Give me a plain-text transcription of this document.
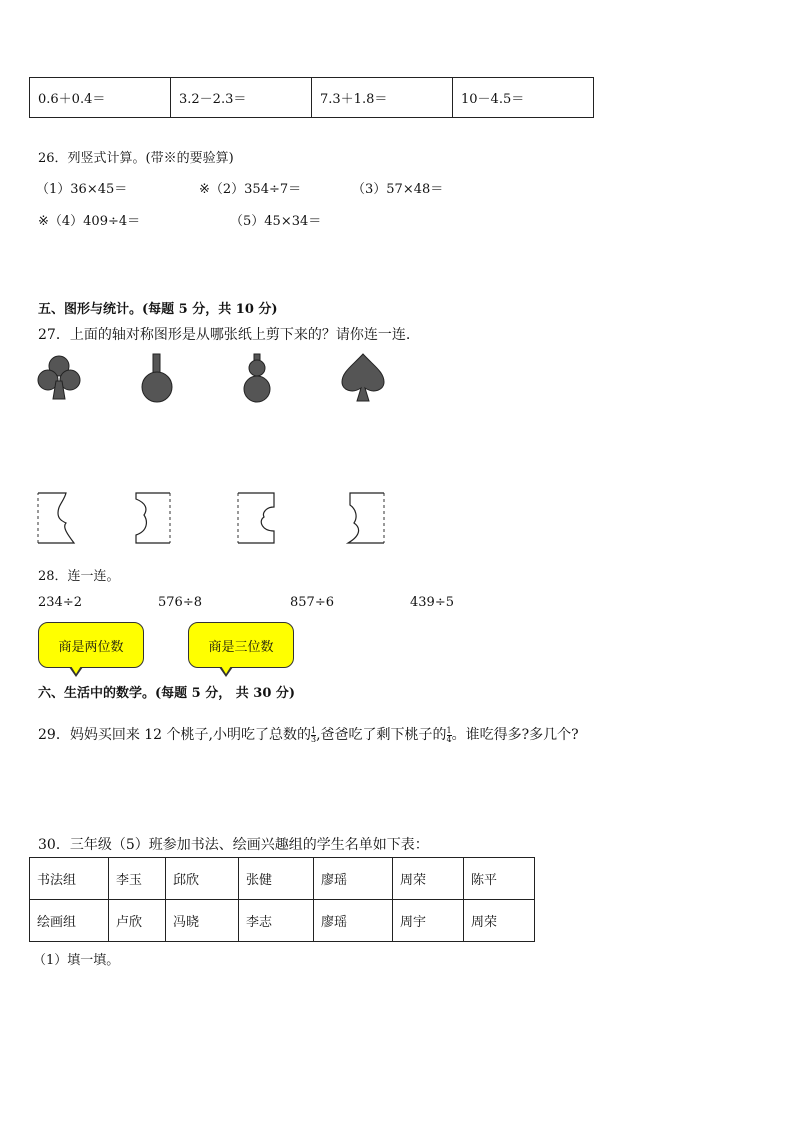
0.6＋0.4＝	3.2－2.3＝	7.3＋1.8＝	10－4.5＝
26．列竖式计算。(带※的要验算)
（1）36×45＝	※（2）354÷7＝	（3）57×48＝
※（4）409÷4＝	（5）45×34＝
五、图形与统计。(每题 5 分，共 10 分)
27．上面的轴对称图形是从哪张纸上剪下来的？请你连一连.
28．连一连。
234÷2	576÷8	857÷6	439÷5
商是两位数	商是三位数
六、生活中的数学。(每题 5 分， 共 30 分)
29．妈妈买回来 12 个桃子,小明吃了总数的 $\frac{1}{3}$ ,爸爸吃了剩下桃子的 $\frac{1}{4}$ 。谁吃得多?多几个?
30．三年级（5）班参加书法、绘画兴趣组的学生名单如下表：
书法组	李玉	邱欣	张健	廖瑶	周荣	陈平
绘画组	卢欣	冯晓	李志	廖瑶	周宇	周荣
（1）填一填。
